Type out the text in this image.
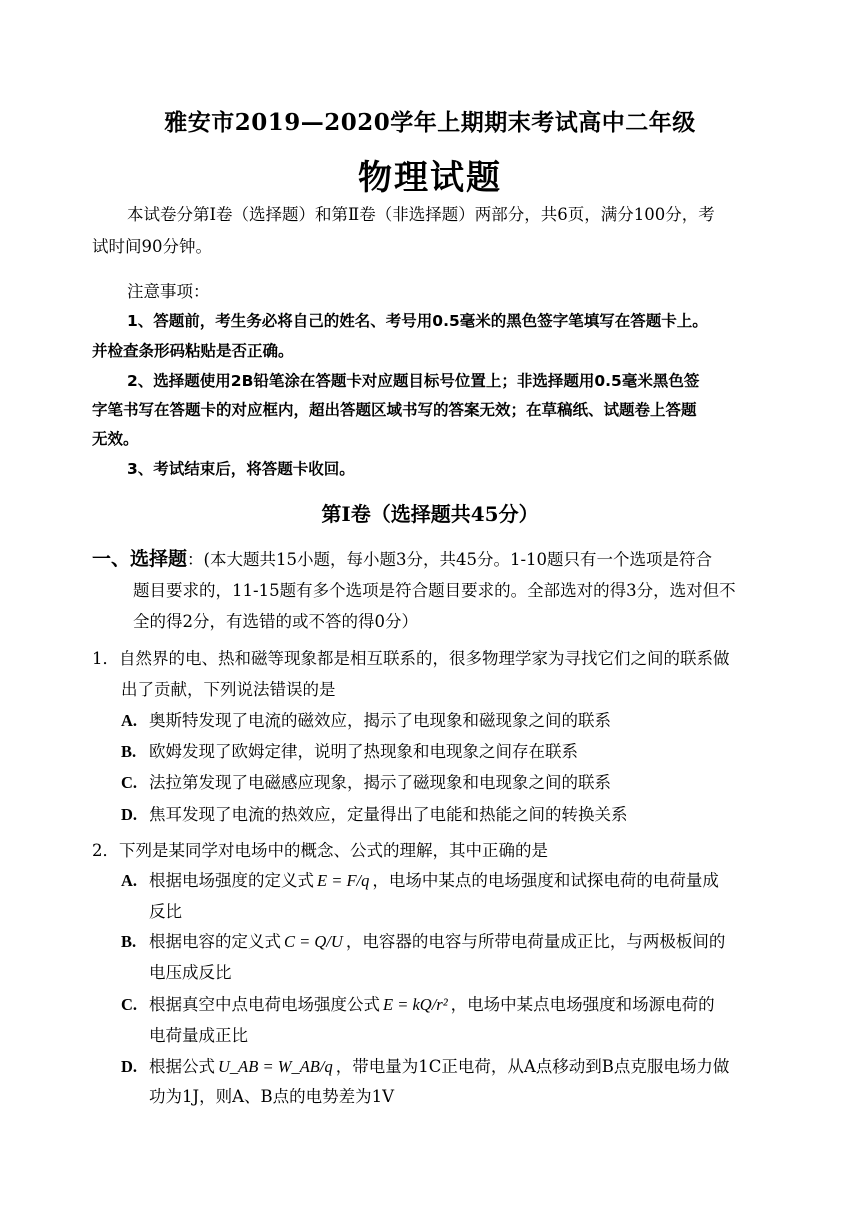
雅安市2019—2020学年上期期末考试高中二年级
物理试题
本试卷分第Ⅰ卷（选择题）和第Ⅱ卷（非选择题）两部分，共6页，满分100分，考
试时间90分钟。
注意事项：
1、答题前，考生务必将自己的姓名、考号用0.5毫米的黑色签字笔填写在答题卡上。
并检查条形码粘贴是否正确。
2、选择题使用2B铅笔涂在答题卡对应题目标号位置上；非选择题用0.5毫米黑色签
字笔书写在答题卡的对应框内，超出答题区域书写的答案无效；在草稿纸、试题卷上答题
无效。
3、考试结束后，将答题卡收回。
第Ⅰ卷（选择题共45分）
一、选择题：(本大题共15小题，每小题3分，共45分。1-10题只有一个选项是符合
题目要求的，11-15题有多个选项是符合题目要求的。全部选对的得3分，选对但不
全的得2分，有选错的或不答的得0分）
1．自然界的电、热和磁等现象都是相互联系的，很多物理学家为寻找它们之间的联系做
出了贡献，下列说法错误的是
A. 奥斯特发现了电流的磁效应，揭示了电现象和磁现象之间的联系
B. 欧姆发现了欧姆定律，说明了热现象和电现象之间存在联系
C. 法拉第发现了电磁感应现象，揭示了磁现象和电现象之间的联系
D. 焦耳发现了电流的热效应，定量得出了电能和热能之间的转换关系
2．下列是某同学对电场中的概念、公式的理解，其中正确的是
A. 根据电场强度的定义式 E = F/q ，电场中某点的电场强度和试探电荷的电荷量成
反比
B. 根据电容的定义式 C = Q/U ，电容器的电容与所带电荷量成正比，与两极板间的
电压成反比
C. 根据真空中点电荷电场强度公式 E = kQ/r² ，电场中某点电场强度和场源电荷的
电荷量成正比
D. 根据公式 U_AB = W_AB/q ，带电量为1C正电荷，从A点移动到B点克服电场力做
功为1J，则A、B点的电势差为1V
